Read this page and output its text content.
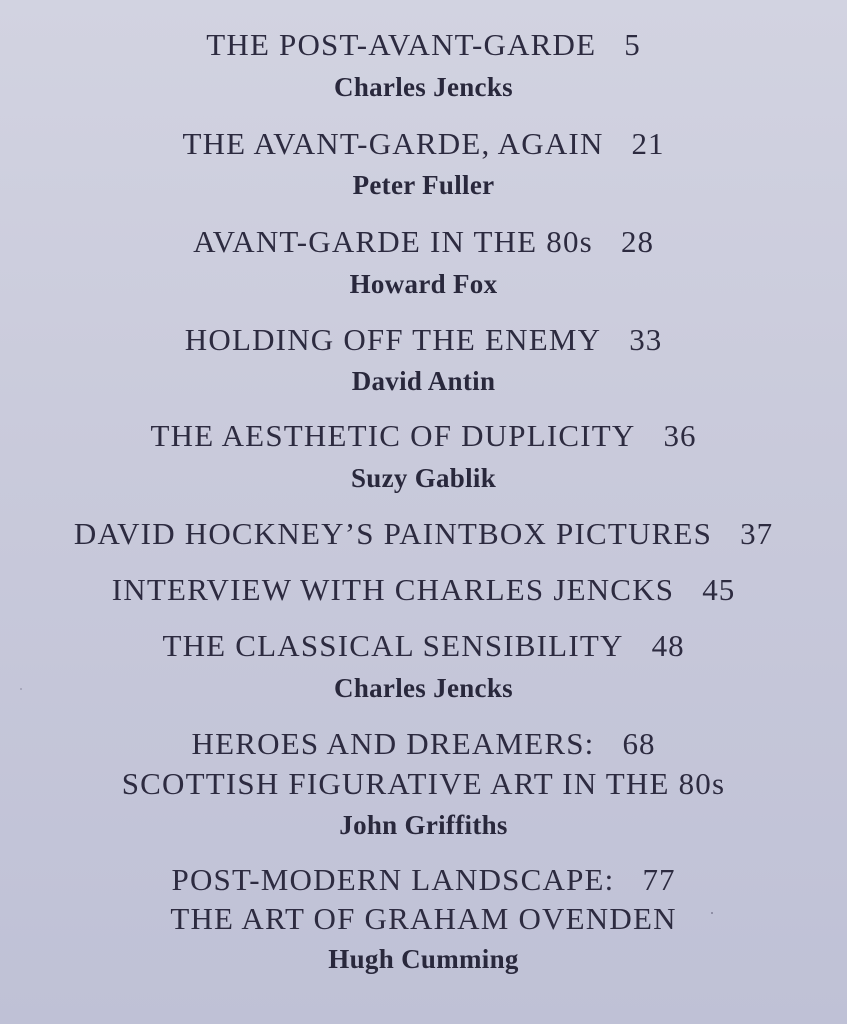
THE POST-AVANT-GARDE 5
Charles Jencks
THE AVANT-GARDE, AGAIN 21
Peter Fuller
AVANT-GARDE IN THE 80s 28
Howard Fox
HOLDING OFF THE ENEMY 33
David Antin
THE AESTHETIC OF DUPLICITY 36
Suzy Gablik
DAVID HOCKNEY’S PAINTBOX PICTURES 37
INTERVIEW WITH CHARLES JENCKS 45
THE CLASSICAL SENSIBILITY 48
Charles Jencks
HEROES AND DREAMERS: 68
SCOTTISH FIGURATIVE ART IN THE 80s
John Griffiths
POST-MODERN LANDSCAPE: 77
THE ART OF GRAHAM OVENDEN
Hugh Cumming
